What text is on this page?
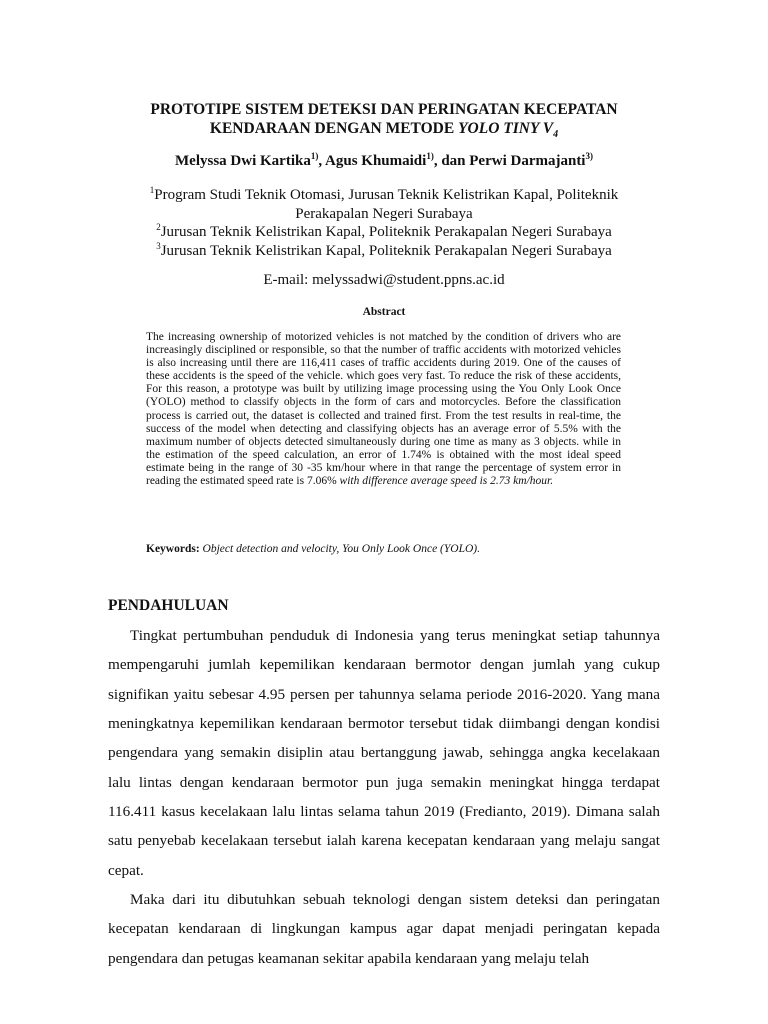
PROTOTIPE SISTEM DETEKSI DAN PERINGATAN KECEPATAN
KENDARAAN DENGAN METODE YOLO TINY $V_4$
Melyssa Dwi Kartika$^{1)}$, Agus Khumaidi$^{1)}$, dan Perwi Darmajanti$^{3)}$
$^1$Program Studi Teknik Otomasi, Jurusan Teknik Kelistrikan Kapal, Politeknik
Perakapalan Negeri Surabaya
$^2$Jurusan Teknik Kelistrikan Kapal, Politeknik Perakapalan Negeri Surabaya
$^3$Jurusan Teknik Kelistrikan Kapal, Politeknik Perakapalan Negeri Surabaya
E-mail: melyssadwi@student.ppns.ac.id
Abstract
The increasing ownership of motorized vehicles is not matched by the condition of drivers who are increasingly disciplined or responsible, so that the number of traffic accidents with motorized vehicles is also increasing until there are 116,411 cases of traffic accidents during 2019. One of the causes of these accidents is the speed of the vehicle. which goes very fast. To reduce the risk of these accidents, For this reason, a prototype was built by utilizing image processing using the You Only Look Once (YOLO) method to classify objects in the form of cars and motorcycles. Before the classification process is carried out, the dataset is collected and trained first. From the test results in real-time, the success of the model when detecting and classifying objects has an average error of 5.5% with the maximum number of objects detected simultaneously during one time as many as 3 objects. while in the estimation of the speed calculation, an error of 1.74% is obtained with the most ideal speed estimate being in the range of 30 -35 km/hour where in that range the percentage of system error in reading the estimated speed rate is 7.06% with difference average speed is 2.73 km/hour.
Keywords: Object detection and velocity, You Only Look Once (YOLO).
PENDAHULUAN

Tingkat pertumbuhan penduduk di Indonesia yang terus meningkat setiap tahunnya mempengaruhi jumlah kepemilikan kendaraan bermotor dengan jumlah yang cukup signifikan yaitu sebesar 4.95 persen per tahunnya selama periode 2016-2020. Yang mana meningkatnya kepemilikan kendaraan bermotor tersebut tidak diimbangi dengan kondisi pengendara yang semakin disiplin atau bertanggung jawab, sehingga angka kecelakaan lalu lintas dengan kendaraan bermotor pun juga semakin meningkat hingga terdapat 116.411 kasus kecelakaan lalu lintas selama tahun 2019 (Fredianto, 2019). Dimana salah satu penyebab kecelakaan tersebut ialah karena kecepatan kendaraan yang melaju sangat cepat.

Maka dari itu dibutuhkan sebuah teknologi dengan sistem deteksi dan peringatan kecepatan kendaraan di lingkungan kampus agar dapat menjadi peringatan kepada pengendara dan petugas keamanan sekitar apabila kendaraan yang melaju telah
